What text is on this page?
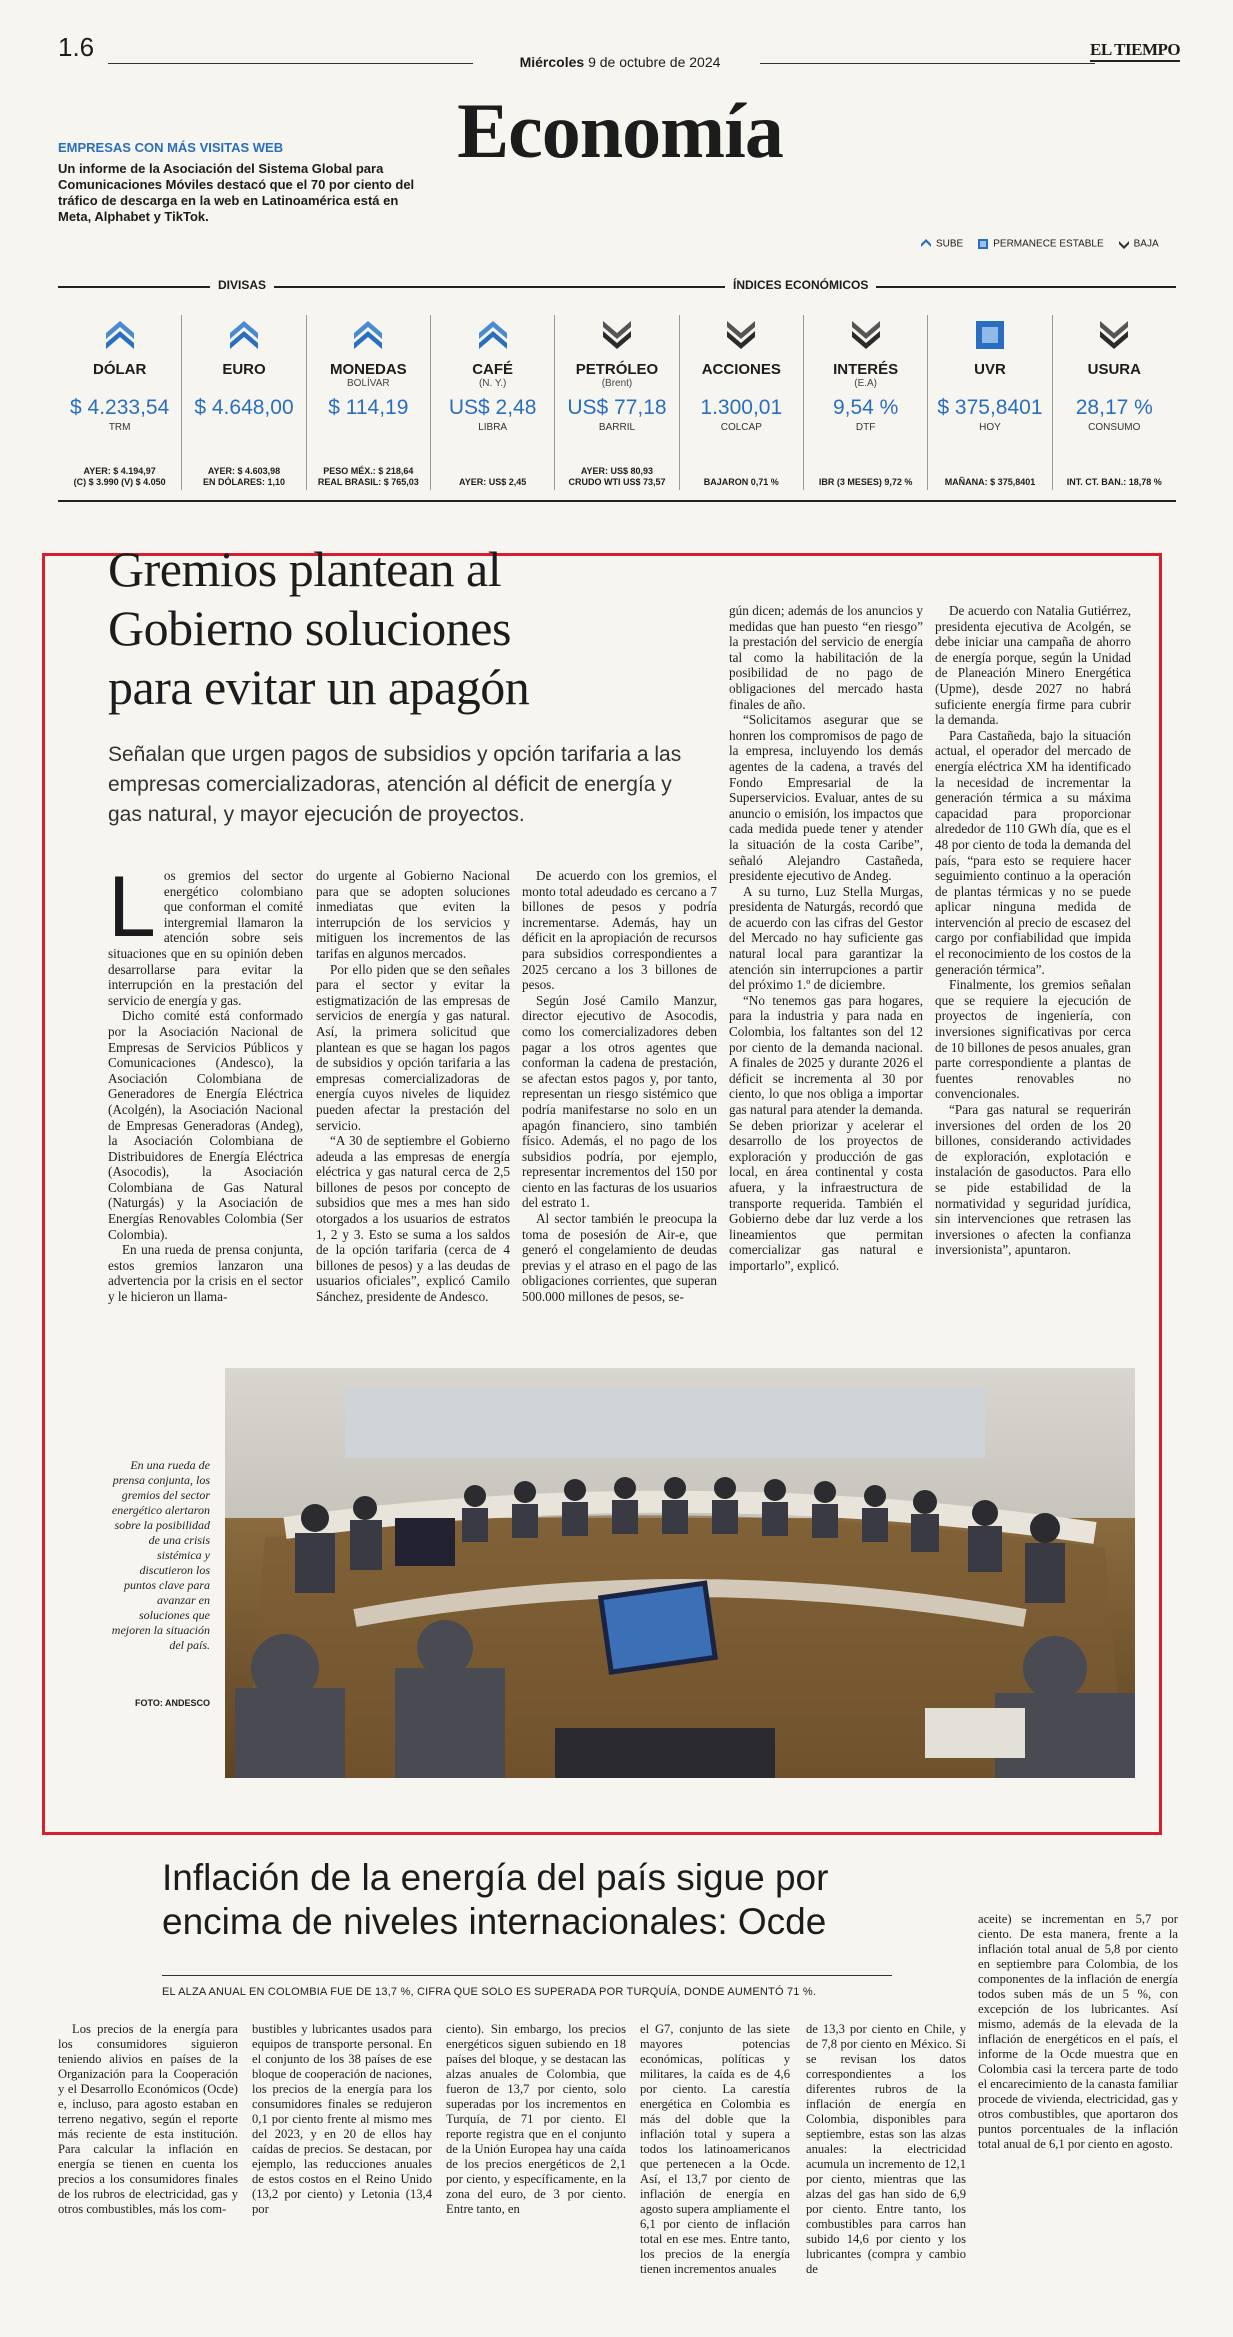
1.6	Miércoles 9 de octubre de 2024
EL TIEMPO
Economía
EMPRESAS CON MÁS VISITAS WEB
Un informe de la Asociación del Sistema Global para Comunicaciones Móviles destacó que el 70 por ciento del tráfico de descarga en la web en Latinoamérica está en Meta, Alphabet y TikTok.
SUBE	PERMANECE ESTABLE	BAJA
DIVISAS	ÍNDICES ECONÓMICOS
DÓLAR
$ 4.233,54
TRM
AYER: $ 4.194,97
(C) $ 3.990 (V) $ 4.050
EURO
$ 4.648,00
AYER: $ 4.603,98
EN DÓLARES: 1,10
MONEDAS
BOLÍVAR
$ 114,19
PESO MÉX.: $ 218,64
REAL BRASIL: $ 765,03
CAFÉ
(N. Y.)
US$ 2,48
LIBRA
AYER: US$ 2,45
PETRÓLEO
(Brent)
US$ 77,18
BARRIL
AYER: US$ 80,93
CRUDO WTI US$ 73,57
ACCIONES
1.300,01
COLCAP
BAJARON 0,71 %
INTERÉS
(E.A)
9,54 %
DTF
IBR (3 MESES) 9,72 %
UVR
$ 375,8401
HOY
MAÑANA: $ 375,8401
USURA
28,17 %
CONSUMO
INT. CT. BAN.: 18,78 %
Gremios plantean al
Gobierno soluciones
para evitar un apagón
Señalan que urgen pagos de subsidios y opción tarifaria a las empresas comercializadoras, atención al déficit de energía y gas natural, y mayor ejecución de proyectos.
L os gremios del sector energético colombiano que conforman el comité intergremial llamaron la atención sobre seis situaciones que en su opinión deben desarrollarse para evitar la interrupción en la prestación del servicio de energía y gas.

Dicho comité está conformado por la Asociación Nacional de Empresas de Servicios Públicos y Comunicaciones (Andesco), la Asociación Colombiana de Generadores de Energía Eléctrica (Acolgén), la Asociación Nacional de Empresas Generadoras (Andeg), la Asociación Colombiana de Distribuidores de Energía Eléctrica (Asocodis), la Asociación Colombiana de Gas Natural (Naturgás) y la Asociación de Energías Renovables Colombia (Ser Colombia).

En una rueda de prensa conjunta, estos gremios lanzaron una advertencia por la crisis en el sector y le hicieron un llama-

do urgente al Gobierno Nacional para que se adopten soluciones inmediatas que eviten la interrupción de los servicios y mitiguen los incrementos de las tarifas en algunos mercados.

Por ello piden que se den señales para el sector y evitar la estigmatización de las empresas de servicios de energía y gas natural. Así, la primera solicitud que plantean es que se hagan los pagos de subsidios y opción tarifaria a las empresas comercializadoras de energía cuyos niveles de liquidez pueden afectar la prestación del servicio.

“A 30 de septiembre el Gobierno adeuda a las empresas de energía eléctrica y gas natural cerca de 2,5 billones de pesos por concepto de subsidios que mes a mes han sido otorgados a los usuarios de estratos 1, 2 y 3. Esto se suma a los saldos de la opción tarifaria (cerca de 4 billones de pesos) y a las deudas de usuarios oficiales”, explicó Camilo Sánchez, presidente de Andesco.

De acuerdo con los gremios, el monto total adeudado es cercano a 7 billones de pesos y podría incrementarse. Además, hay un déficit en la apropiación de recursos para subsidios correspondientes a 2025 cercano a los 3 billones de pesos.

Según José Camilo Manzur, director ejecutivo de Asocodis, como los comercializadores deben pagar a los otros agentes que conforman la cadena de prestación, se afectan estos pagos y, por tanto, representan un riesgo sistémico que podría manifestarse no solo en un apagón financiero, sino también físico. Además, el no pago de los subsidios podría, por ejemplo, representar incrementos del 150 por ciento en las facturas de los usuarios del estrato 1.

Al sector también le preocupa la toma de posesión de Air-e, que generó el congelamiento de deudas previas y el atraso en el pago de las obligaciones corrientes, que superan 500.000 millones de pesos, se-

gún dicen; además de los anuncios y medidas que han puesto “en riesgo” la prestación del servicio de energía tal como la habilitación de la posibilidad de no pago de obligaciones del mercado hasta finales de año.

“Solicitamos asegurar que se honren los compromisos de pago de la empresa, incluyendo los demás agentes de la cadena, a través del Fondo Empresarial de la Superservicios. Evaluar, antes de su anuncio o emisión, los impactos que cada medida puede tener y atender la situación de la costa Caribe”, señaló Alejandro Castañeda, presidente ejecutivo de Andeg.

A su turno, Luz Stella Murgas, presidenta de Naturgás, recordó que de acuerdo con las cifras del Gestor del Mercado no hay suficiente gas natural local para garantizar la atención sin interrupciones a partir del próximo 1.º de diciembre.

“No tenemos gas para hogares, para la industria y para nada en Colombia, los faltantes son del 12 por ciento de la demanda nacional. A finales de 2025 y durante 2026 el déficit se incrementa al 30 por ciento, lo que nos obliga a importar gas natural para atender la demanda. Se deben priorizar y acelerar el desarrollo de los proyectos de exploración y producción de gas local, en área continental y costa afuera, y la infraestructura de transporte requerida. También el Gobierno debe dar luz verde a los lineamientos que permitan comercializar gas natural e importarlo”, explicó.

De acuerdo con Natalia Gutiérrez, presidenta ejecutiva de Acolgén, se debe iniciar una campaña de ahorro de energía porque, según la Unidad de Planeación Minero Energética (Upme), desde 2027 no habrá suficiente energía firme para cubrir la demanda.

Para Castañeda, bajo la situación actual, el operador del mercado de energía eléctrica XM ha identificado la necesidad de incrementar la generación térmica a su máxima capacidad para proporcionar alrededor de 110 GWh día, que es el 48 por ciento de toda la demanda del país, “para esto se requiere hacer seguimiento continuo a la operación de plantas térmicas y no se puede aplicar ninguna medida de intervención al precio de escasez del cargo por confiabilidad que impida el reconocimiento de los costos de la generación térmica”.

Finalmente, los gremios señalan que se requiere la ejecución de proyectos de ingeniería, con inversiones significativas por cerca de 10 billones de pesos anuales, gran parte correspondiente a plantas de fuentes renovables no convencionales.

“Para gas natural se requerirán inversiones del orden de los 20 billones, considerando actividades de exploración, explotación e instalación de gasoductos. Para ello se pide estabilidad de la normatividad y seguridad jurídica, sin intervenciones que retrasen las inversiones o afecten la confianza inversionista”, apuntaron.

En una rueda de prensa conjunta, los gremios del sector energético alertaron sobre la posibilidad de una crisis sistémica y discutieron los puntos clave para avanzar en soluciones que mejoren la situación del país.
FOTO: ANDESCO
Inflación de la energía del país sigue por
encima de niveles internacionales: Ocde
EL ALZA ANUAL EN COLOMBIA FUE DE 13,7 %, CIFRA QUE SOLO ES SUPERADA POR TURQUÍA, DONDE AUMENTÓ 71 %.

aceite) se incrementan en 5,7 por ciento. De esta manera, frente a la inflación total anual de 5,8 por ciento en septiembre para Colombia, de los componentes de la inflación de energía todos suben más de un 5 %, con excepción de los lubricantes. Así mismo, además de la elevada de la inflación de energéticos en el país, el informe de la Ocde muestra que en Colombia casi la tercera parte de todo el encarecimiento de la canasta familiar procede de vivienda, electricidad, gas y otros combustibles, que aportaron dos puntos porcentuales de la inflación total anual de 6,1 por ciento en agosto.

Los precios de la energía para los consumidores siguieron teniendo alivios en países de la Organización para la Cooperación y el Desarrollo Económicos (Ocde) e, incluso, para agosto estaban en terreno negativo, según el reporte más reciente de esta institución. Para calcular la inflación en energía se tienen en cuenta los precios a los consumidores finales de los rubros de electricidad, gas y otros combustibles, más los com-

bustibles y lubricantes usados para equipos de transporte personal. En el conjunto de los 38 países de ese bloque de cooperación de naciones, los precios de la energía para los consumidores finales se redujeron 0,1 por ciento frente al mismo mes del 2023, y en 20 de ellos hay caídas de precios. Se destacan, por ejemplo, las reducciones anuales de estos costos en el Reino Unido (13,2 por ciento) y Letonia (13,4 por

ciento). Sin embargo, los precios energéticos siguen subiendo en 18 países del bloque, y se destacan las alzas anuales de Colombia, que fueron de 13,7 por ciento, solo superadas por los incrementos en Turquía, de 71 por ciento. El reporte registra que en el conjunto de la Unión Europea hay una caída de los precios energéticos de 2,1 por ciento, y específicamente, en la zona del euro, de 3 por ciento. Entre tanto, en

el G7, conjunto de las siete mayores potencias económicas, políticas y militares, la caída es de 4,6 por ciento. La carestía energética en Colombia es más del doble que la inflación total y supera a todos los latinoamericanos que pertenecen a la Ocde. Así, el 13,7 por ciento de inflación de energía en agosto supera ampliamente el 6,1 por ciento de inflación total en ese mes. Entre tanto, los precios de la energía tienen incrementos anuales

de 13,3 por ciento en Chile, y de 7,8 por ciento en México. Si se revisan los datos correspondientes a los diferentes rubros de la inflación de energía en Colombia, disponibles para septiembre, estas son las alzas anuales: la electricidad acumula un incremento de 12,1 por ciento, mientras que las alzas del gas han sido de 6,9 por ciento. Entre tanto, los combustibles para carros han subido 14,6 por ciento y los lubricantes (compra y cambio de
